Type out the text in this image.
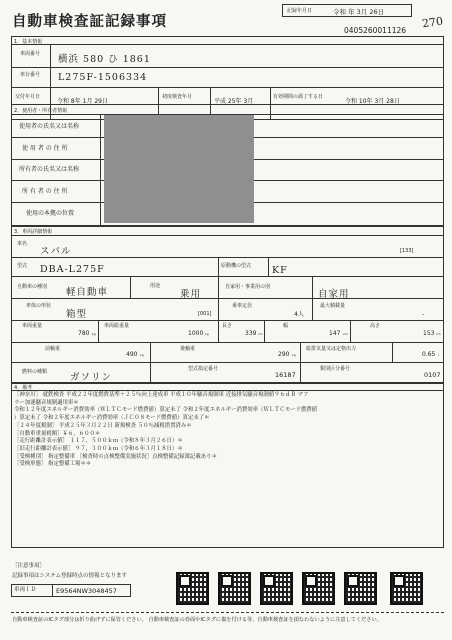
自動車検査証記録事項
記録年月日	令和 年 3月 26日
270
0405260011126
1．基本情報
車両番号 横浜 580 ひ 1861
車台番号 L275F-1506334
交付年月日
令和 8年 1月 29日
初度検査年月
平成 25年 3月
有効期間の満了する日
令和 10年 3月 28日
2．使用者・所有者情報
使用者の氏名又は名称
使 用 者 の 住 所
所有者の氏名又は名称
所 有 者 の 住 所
使用の本拠の位置
3．車両詳細情報
車名
スバル	[133]
型式 DBA-L275F	原動機の型式 KF
自動車の種別 軽自動車
用途
乗用
自家用・事業用の別
自家用
車体の形状
箱型	[001]
乗車定員
4人
最大積載量
-
車両重量
780 kg
車両総重量
1000 kg
長さ
339 cm
幅
147 cm
高さ
153 cm
前軸重
490 kg
後軸重
290 kg
総排気量又は定格出力
0.65 l
燃料の種類 ガソリン
型式指定番号
16187
類別区分番号
0107
4．備考
［神奈川］ 就鉄検査 平成２２年度燃費基準＋２５％向上達成車 平成１０年騒音規制車 近接排気騒音規制値９６ｄＢ マフ
ラー加速騒音規制適用車＊
令和１２年度エネルギー消費効率（ＷＬＴＣモード燃費値）算定未了 令和２年度エネルギー消費効率（ＷＬＴＣモード燃費値
）算定未了 令和２年度エネルギー消費効率（ＪＣ０８モード燃費値）算定未了＊
［２４年度税制］ 平成２５年３月２２日 新規検査 ５０％減税措置済み＊
［自動車重量税額］￥６，６００＊
［走行距離計表示値］ １１７，５００ｋｍ（令和８年３月２６日）＊
［旧走行距離計表示値］ ９７，３００ｋｍ（令和６年３月１８日）＊
［受検種別］ 指定整備車 ［検査時の点検整備実施状況］点検整備記録簿記載あり＊
［受検形態］ 指定整備工場＊＊
［注意事項］
記録事項はシステム登録時点の情報となります
車両ＩＤ	E9564NW3048457
自動車検査証のICタグ部分は折り曲げずに保管ください。 自動車検査証の券面やICタグに傷を付ける等、自動車検査証を損なわないように注意してください。
